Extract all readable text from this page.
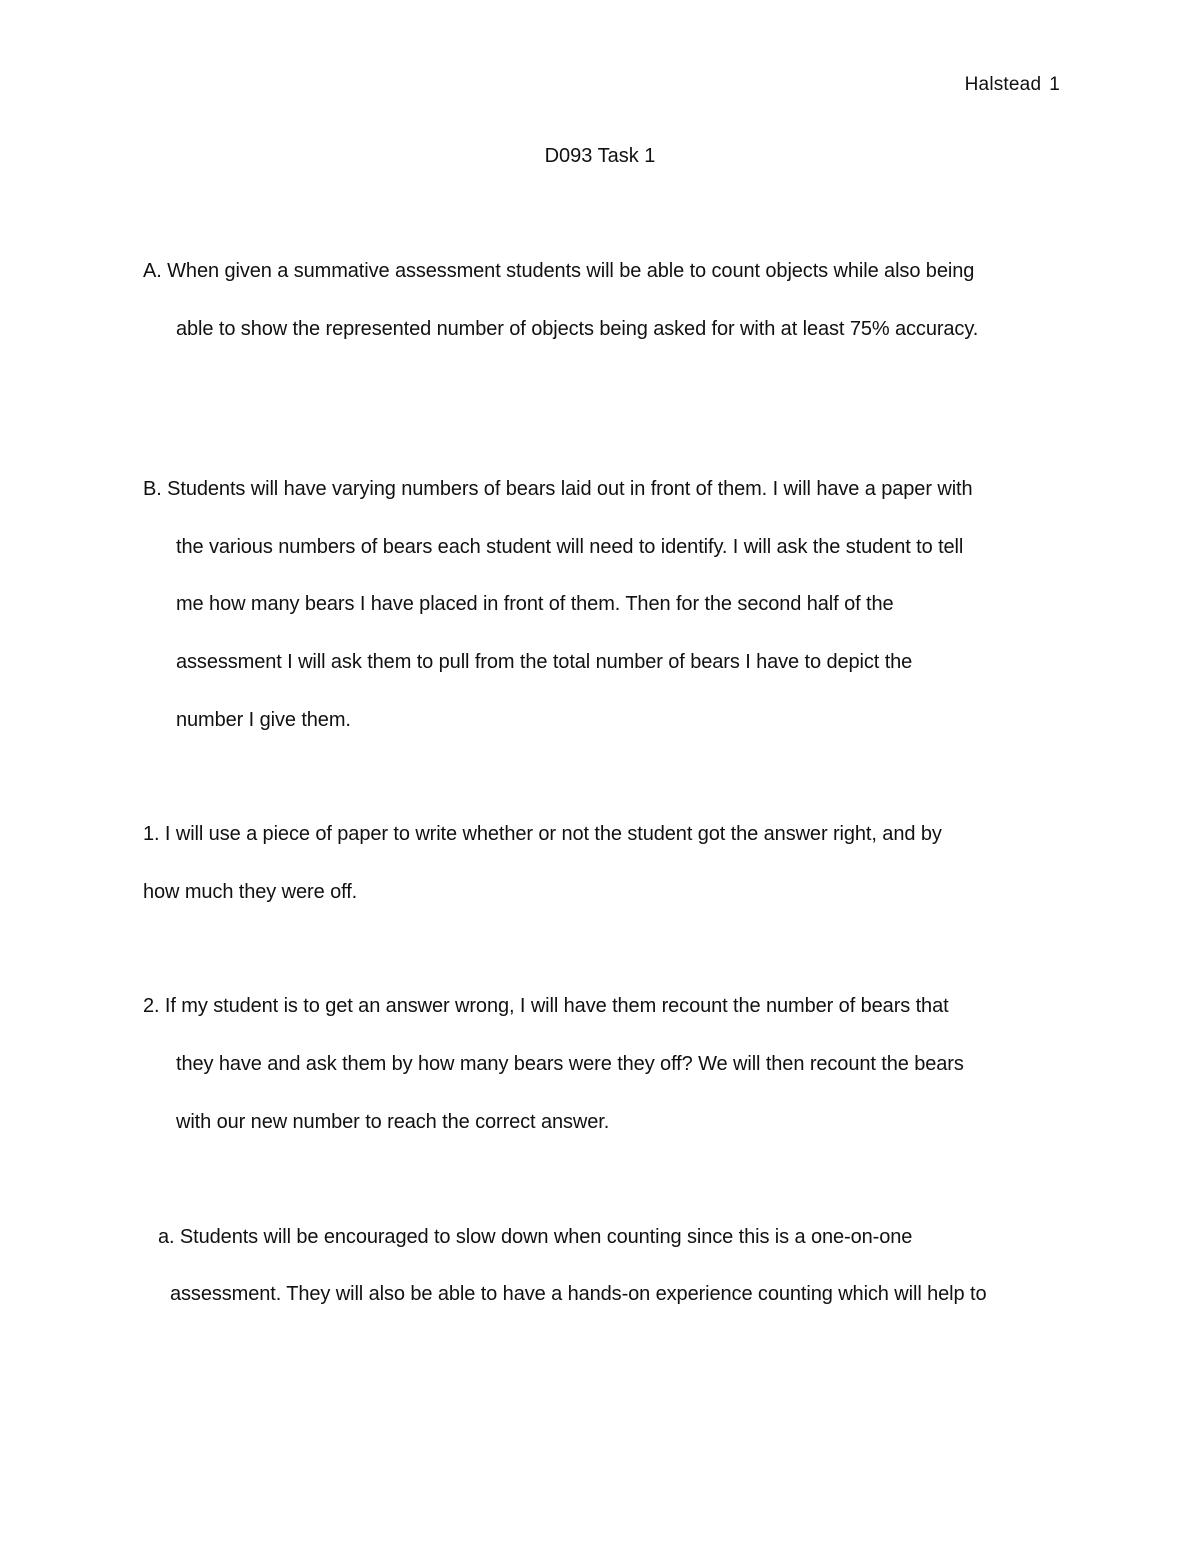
Halstead 1
D093 Task 1
A. When given a summative assessment students will be able to count objects while also being
able to show the represented number of objects being asked for with at least 75% accuracy.
B. Students will have varying numbers of bears laid out in front of them. I will have a paper with
the various numbers of bears each student will need to identify. I will ask the student to tell
me how many bears I have placed in front of them. Then for the second half of the
assessment I will ask them to pull from the total number of bears I have to depict the
number I give them.
1. I will use a piece of paper to write whether or not the student got the answer right, and by
how much they were off.
2. If my student is to get an answer wrong, I will have them recount the number of bears that
they have and ask them by how many bears were they off? We will then recount the bears
with our new number to reach the correct answer.
a. Students will be encouraged to slow down when counting since this is a one-on-one
assessment. They will also be able to have a hands-on experience counting which will help to
